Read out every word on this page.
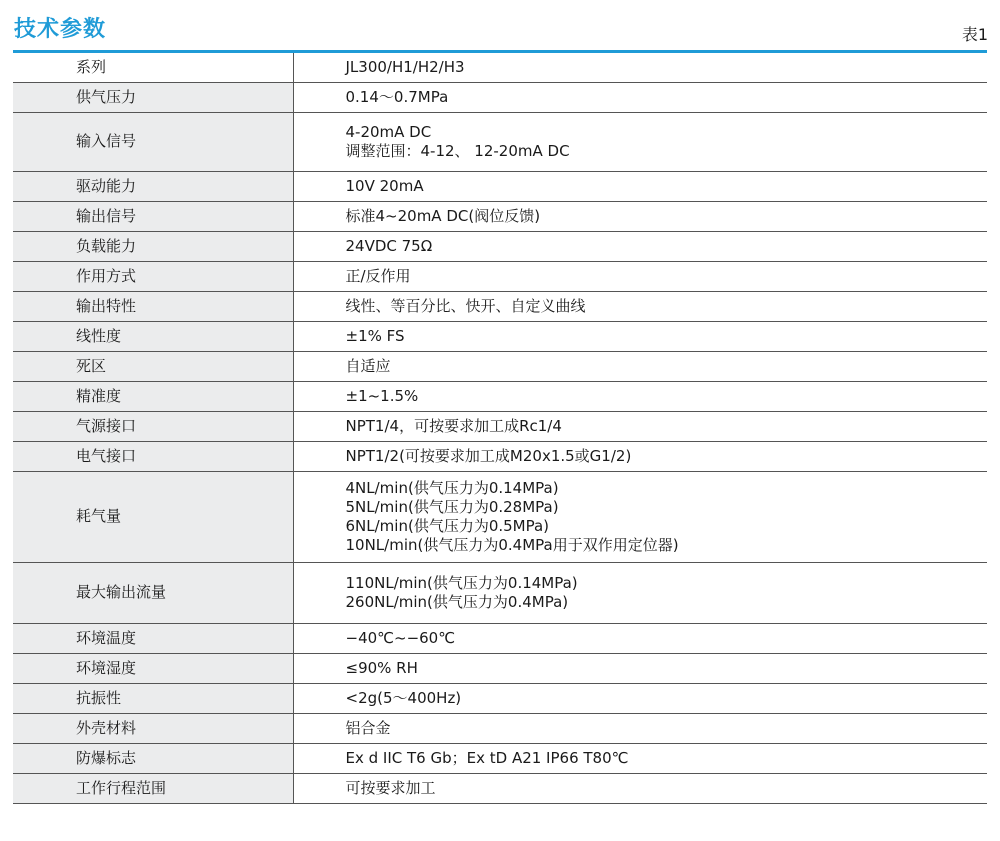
技术参数	表1
系列	JL300/H1/H2/H3

供气压力	0.14～0.7MPa

输入信号	4-20mA DC
调整范围：4-12、 12-20mA DC

驱动能力	10V 20mA

输出信号	标准4~20mA DC(阀位反馈)

负载能力	24VDC 75Ω

作用方式	正/反作用

输出特性	线性、等百分比、快开、自定义曲线

线性度	±1% FS

死区	自适应

精准度	±1~1.5%

气源接口	NPT1/4，可按要求加工成Rc1/4

电气接口	NPT1/2(可按要求加工成M20x1.5或G1/2)

耗气量	4NL/min(供气压力为0.14MPa)
5NL/min(供气压力为0.28MPa)
6NL/min(供气压力为0.5MPa)
10NL/min(供气压力为0.4MPa用于双作用定位器)

最大输出流量	110NL/min(供气压力为0.14MPa)
260NL/min(供气压力为0.4MPa)

环境温度	−40℃~−60℃

环境湿度	≤90% RH

抗振性	<2g(5～400Hz)

外壳材料	铝合金

防爆标志	Ex d IIC T6 Gb；Ex tD A21 IP66 T80℃

工作行程范围	可按要求加工
